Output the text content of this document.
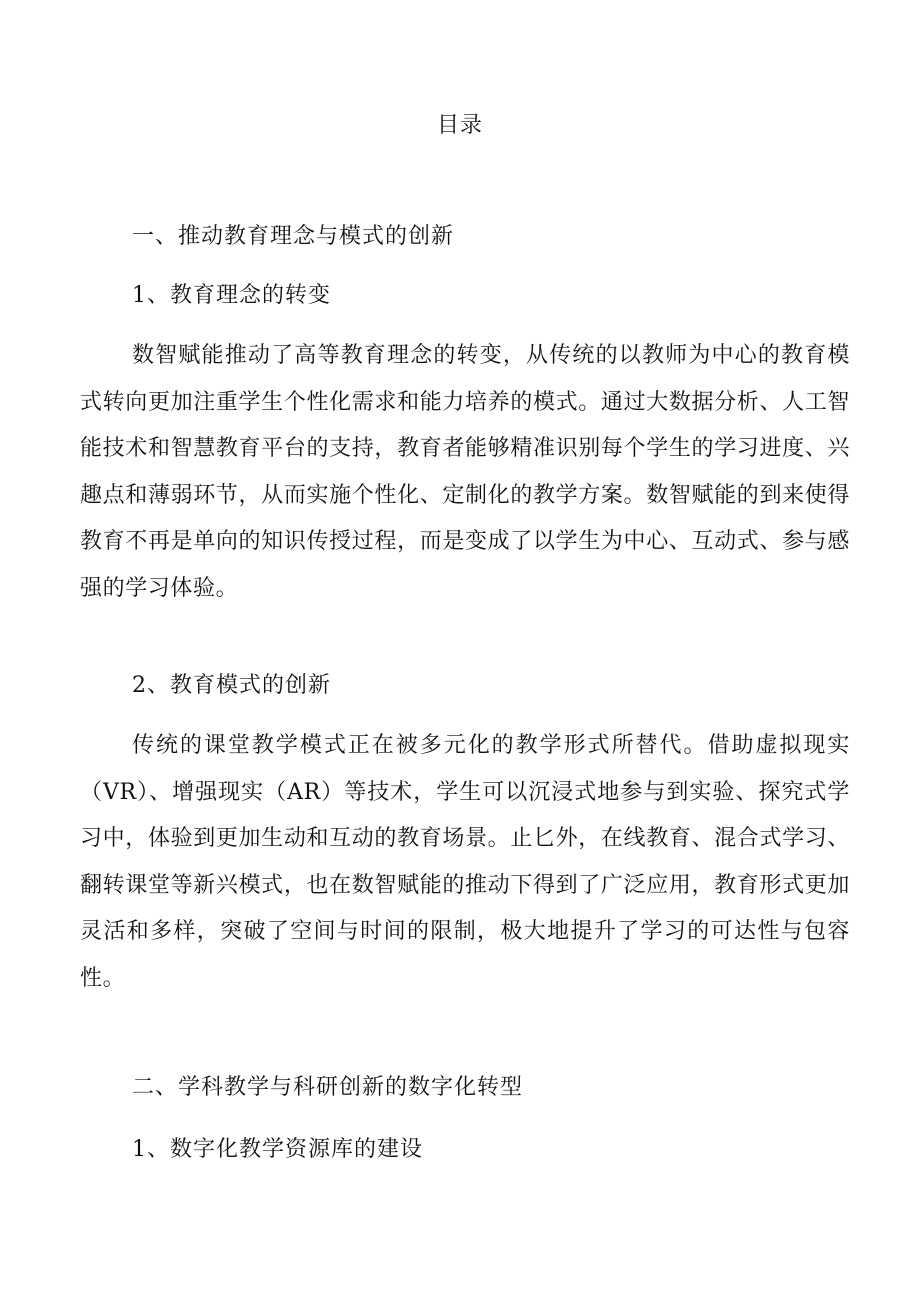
目录
一、推动教育理念与模式的创新
1、教育理念的转变
数智赋能推动了高等教育理念的转变，从传统的以教师为中心的教育模式转向更加注重学生个性化需求和能力培养的模式。通过大数据分析、人工智能技术和智慧教育平台的支持，教育者能够精准识别每个学生的学习进度、兴趣点和薄弱环节，从而实施个性化、定制化的教学方案。数智赋能的到来使得教育不再是单向的知识传授过程，而是变成了以学生为中心、互动式、参与感强的学习体验。
2、教育模式的创新
传统的课堂教学模式正在被多元化的教学形式所替代。借助虚拟现实（VR）、增强现实（AR）等技术，学生可以沉浸式地参与到实验、探究式学习中，体验到更加生动和互动的教育场景。止匕外，在线教育、混合式学习、翻转课堂等新兴模式，也在数智赋能的推动下得到了广泛应用，教育形式更加灵活和多样，突破了空间与时间的限制，极大地提升了学习的可达性与包容性。
二、学科教学与科研创新的数字化转型
1、数字化教学资源库的建设
